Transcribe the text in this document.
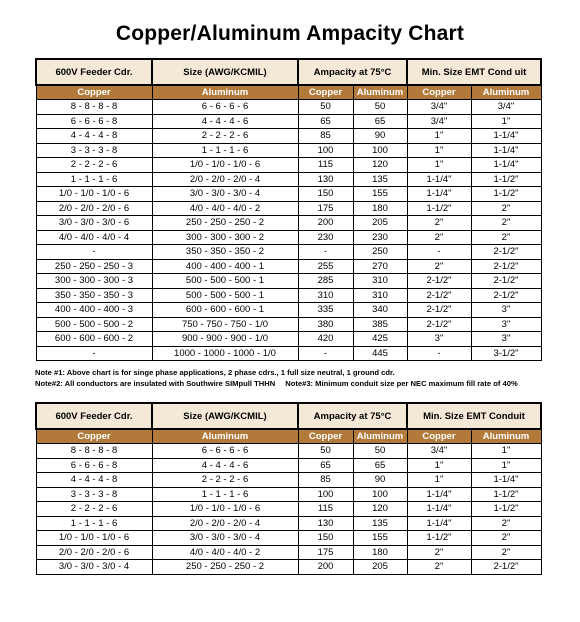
Copper/Aluminum Ampacity Chart
600V Feeder Cdr.	Size (AWG/KCMIL)	Ampacity at 75°C		Min. Size EMT Cond uit	
Copper	Aluminum	Copper	Aluminum	Copper	Aluminum
8 - 8 - 8 - 8	6 - 6 - 6 - 6	50	50	3/4"	3/4"
6 - 6 - 6 - 8	4 - 4 - 4 - 6	65	65	3/4"	1"
4 - 4 - 4 - 8	2 - 2 - 2 - 6	85	90	1"	1-1/4"
3 - 3 - 3 - 8	1 - 1 - 1 - 6	100	100	1"	1-1/4"
2 - 2 - 2 - 6	1/0 - 1/0 - 1/0 - 6	115	120	1"	1-1/4"
1 - 1 - 1 - 6	2/0 - 2/0 - 2/0 - 4	130	135	1-1/4"	1-1/2"
1/0 - 1/0 - 1/0 - 6	3/0 - 3/0 - 3/0 - 4	150	155	1-1/4"	1-1/2"
2/0 - 2/0 - 2/0 - 6	4/0 - 4/0 - 4/0 - 2	175	180	1-1/2"	2"
3/0 - 3/0 - 3/0 - 6	250 - 250 - 250 - 2	200	205	2"	2"
4/0 - 4/0 - 4/0 - 4	300 - 300 - 300 - 2	230	230	2"	2"
-	350 - 350 - 350 - 2	-	250	-	2-1/2"
250 - 250 - 250 - 3	400 - 400 - 400 - 1	255	270	2"	2-1/2"
300 - 300 - 300 - 3	500 - 500 - 500 - 1	285	310	2-1/2"	2-1/2"
350 - 350 - 350 - 3	500 - 500 - 500 - 1	310	310	2-1/2"	2-1/2"
400 - 400 - 400 - 3	600 - 600 - 600 - 1	335	340	2-1/2"	3"
500 - 500 - 500 - 2	750 - 750 - 750 - 1/0	380	385	2-1/2"	3"
600 - 600 - 600 - 2	900 - 900 - 900 - 1/0	420	425	3"	3"
-	1000 - 1000 - 1000 - 1/0	-	445	-	3-1/2"
Note #1: Above chart is for singe phase applications, 2 phase cdrs., 1 full size neutral, 1 ground cdr.
Note#2: All conductors are insulated with Southwire SIMpull THHN Note#3: Minimum conduit size per NEC maximum fill rate of 40%
600V Feeder Cdr.	Size (AWG/KCMIL)	Ampacity at 75°C		Min. Size EMT Conduit	
Copper	Aluminum	Copper	Aluminum	Copper	Aluminum
8 - 8 - 8 - 8	6 - 6 - 6 - 6	50	50	3/4"	1"
6 - 6 - 6 - 8	4 - 4 - 4 - 6	65	65	1"	1"
4 - 4 - 4 - 8	2 - 2 - 2 - 6	85	90	1"	1-1/4"
3 - 3 - 3 - 8	1 - 1 - 1 - 6	100	100	1-1/4"	1-1/2"
2 - 2 - 2 - 6	1/0 - 1/0 - 1/0 - 6	115	120	1-1/4"	1-1/2"
1 - 1 - 1 - 6	2/0 - 2/0 - 2/0 - 4	130	135	1-1/4"	2"
1/0 - 1/0 - 1/0 - 6	3/0 - 3/0 - 3/0 - 4	150	155	1-1/2"	2"
2/0 - 2/0 - 2/0 - 6	4/0 - 4/0 - 4/0 - 2	175	180	2"	2"
3/0 - 3/0 - 3/0 - 4	250 - 250 - 250 - 2	200	205	2"	2-1/2"
